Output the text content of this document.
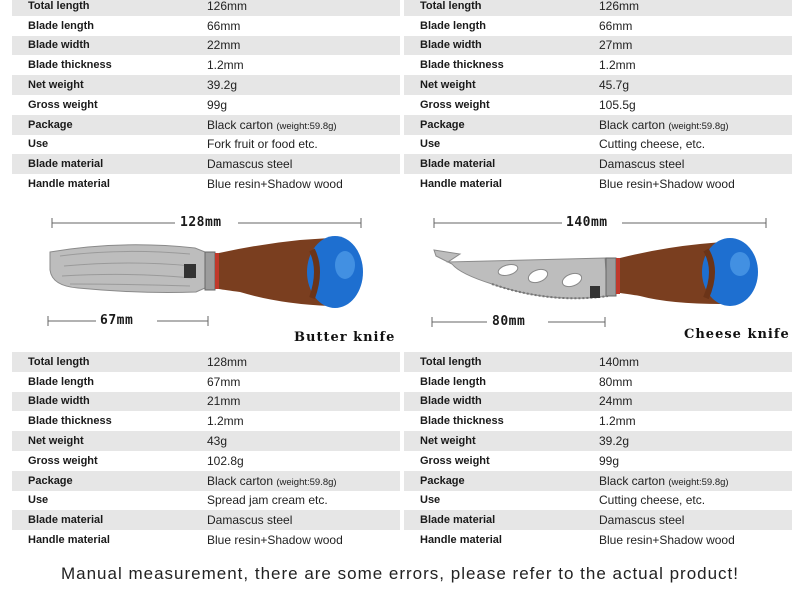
Total length	126mm
Blade length	66mm
Blade width	22mm
Blade thickness	1.2mm
Net weight	39.2g
Gross weight	99g
Package	Black carton (weight:59.8g)
Use	Fork fruit or food etc.
Blade material	Damascus steel
Handle material	Blue resin+Shadow wood
Total length	126mm
Blade length	66mm
Blade width	27mm
Blade thickness	1.2mm
Net weight	45.7g
Gross weight	105.5g
Package	Black carton (weight:59.8g)
Use	Cutting cheese, etc.
Blade material	Damascus steel
Handle material	Blue resin+Shadow wood
128mm
67mm
Butter knife
140mm
80mm
Cheese knife
Total length	128mm
Blade length	67mm
Blade width	21mm
Blade thickness	1.2mm
Net weight	43g
Gross weight	102.8g
Package	Black carton (weight:59.8g)
Use	Spread jam cream etc.
Blade material	Damascus steel
Handle material	Blue resin+Shadow wood
Total length	140mm
Blade length	80mm
Blade width	24mm
Blade thickness	1.2mm
Net weight	39.2g
Gross weight	99g
Package	Black carton (weight:59.8g)
Use	Cutting cheese, etc.
Blade material	Damascus steel
Handle material	Blue resin+Shadow wood
Manual measurement, there are some errors, please refer to the actual product!
